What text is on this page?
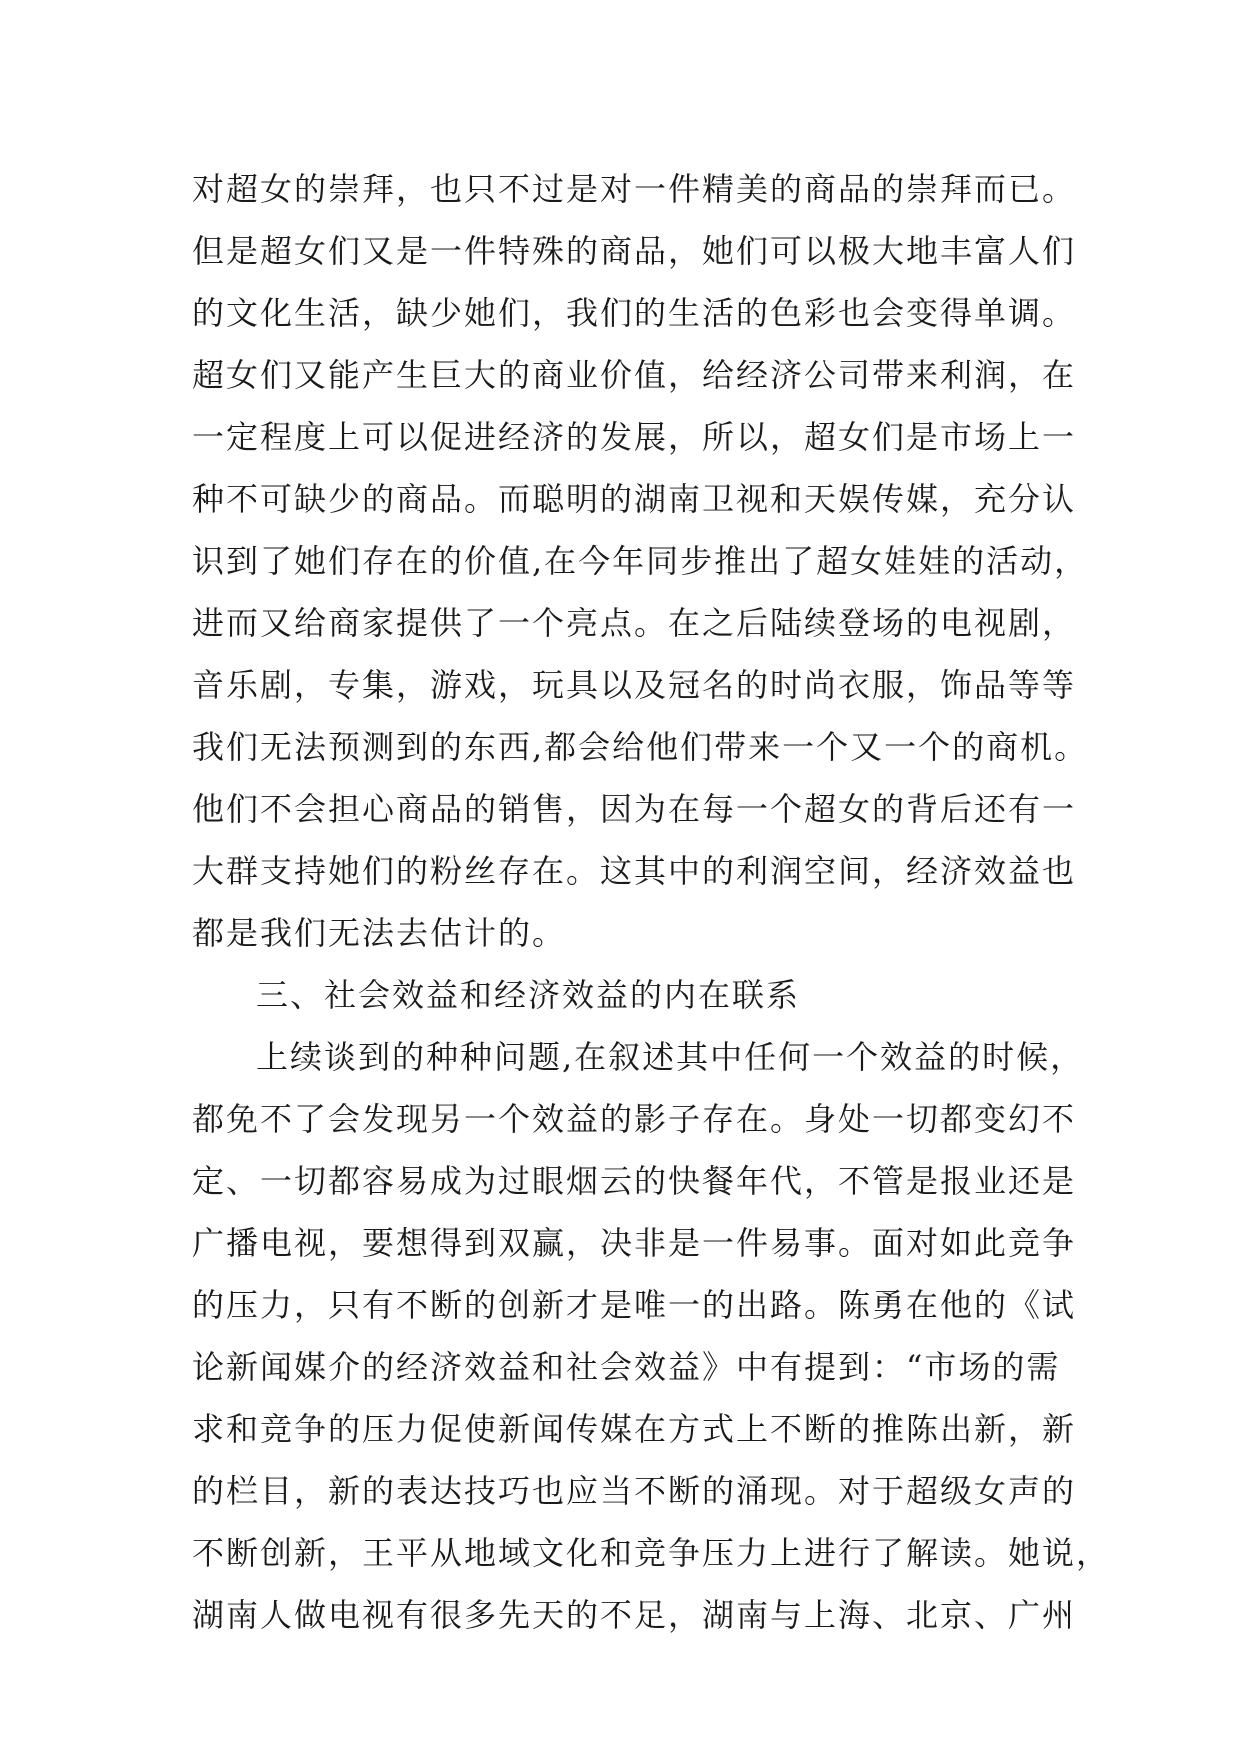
对超女的崇拜，也只不过是对一件精美的商品的崇拜而已。
但是超女们又是一件特殊的商品，她们可以极大地丰富人们
的文化生活，缺少她们，我们的生活的色彩也会变得单调。
超女们又能产生巨大的商业价值，给经济公司带来利润，在
一定程度上可以促进经济的发展，所以，超女们是市场上一
种不可缺少的商品。而聪明的湖南卫视和天娱传媒，充分认
识到了她们存在的价值,在今年同步推出了超女娃娃的活动，
进而又给商家提供了一个亮点。在之后陆续登场的电视剧，
音乐剧，专集，游戏，玩具以及冠名的时尚衣服，饰品等等
我们无法预测到的东西,都会给他们带来一个又一个的商机。
他们不会担心商品的销售，因为在每一个超女的背后还有一
大群支持她们的粉丝存在。这其中的利润空间，经济效益也
都是我们无法去估计的。
三、社会效益和经济效益的内在联系
上续谈到的种种问题,在叙述其中任何一个效益的时候，
都免不了会发现另一个效益的影子存在。身处一切都变幻不
定、一切都容易成为过眼烟云的快餐年代，不管是报业还是
广播电视，要想得到双赢，决非是一件易事。面对如此竞争
的压力，只有不断的创新才是唯一的出路。陈勇在他的《试
论新闻媒介的经济效益和社会效益》中有提到：“市场的需
求和竞争的压力促使新闻传媒在方式上不断的推陈出新，新
的栏目，新的表达技巧也应当不断的涌现。对于超级女声的
不断创新，王平从地域文化和竞争压力上进行了解读。她说，
湖南人做电视有很多先天的不足，湖南与上海、北京、广州
